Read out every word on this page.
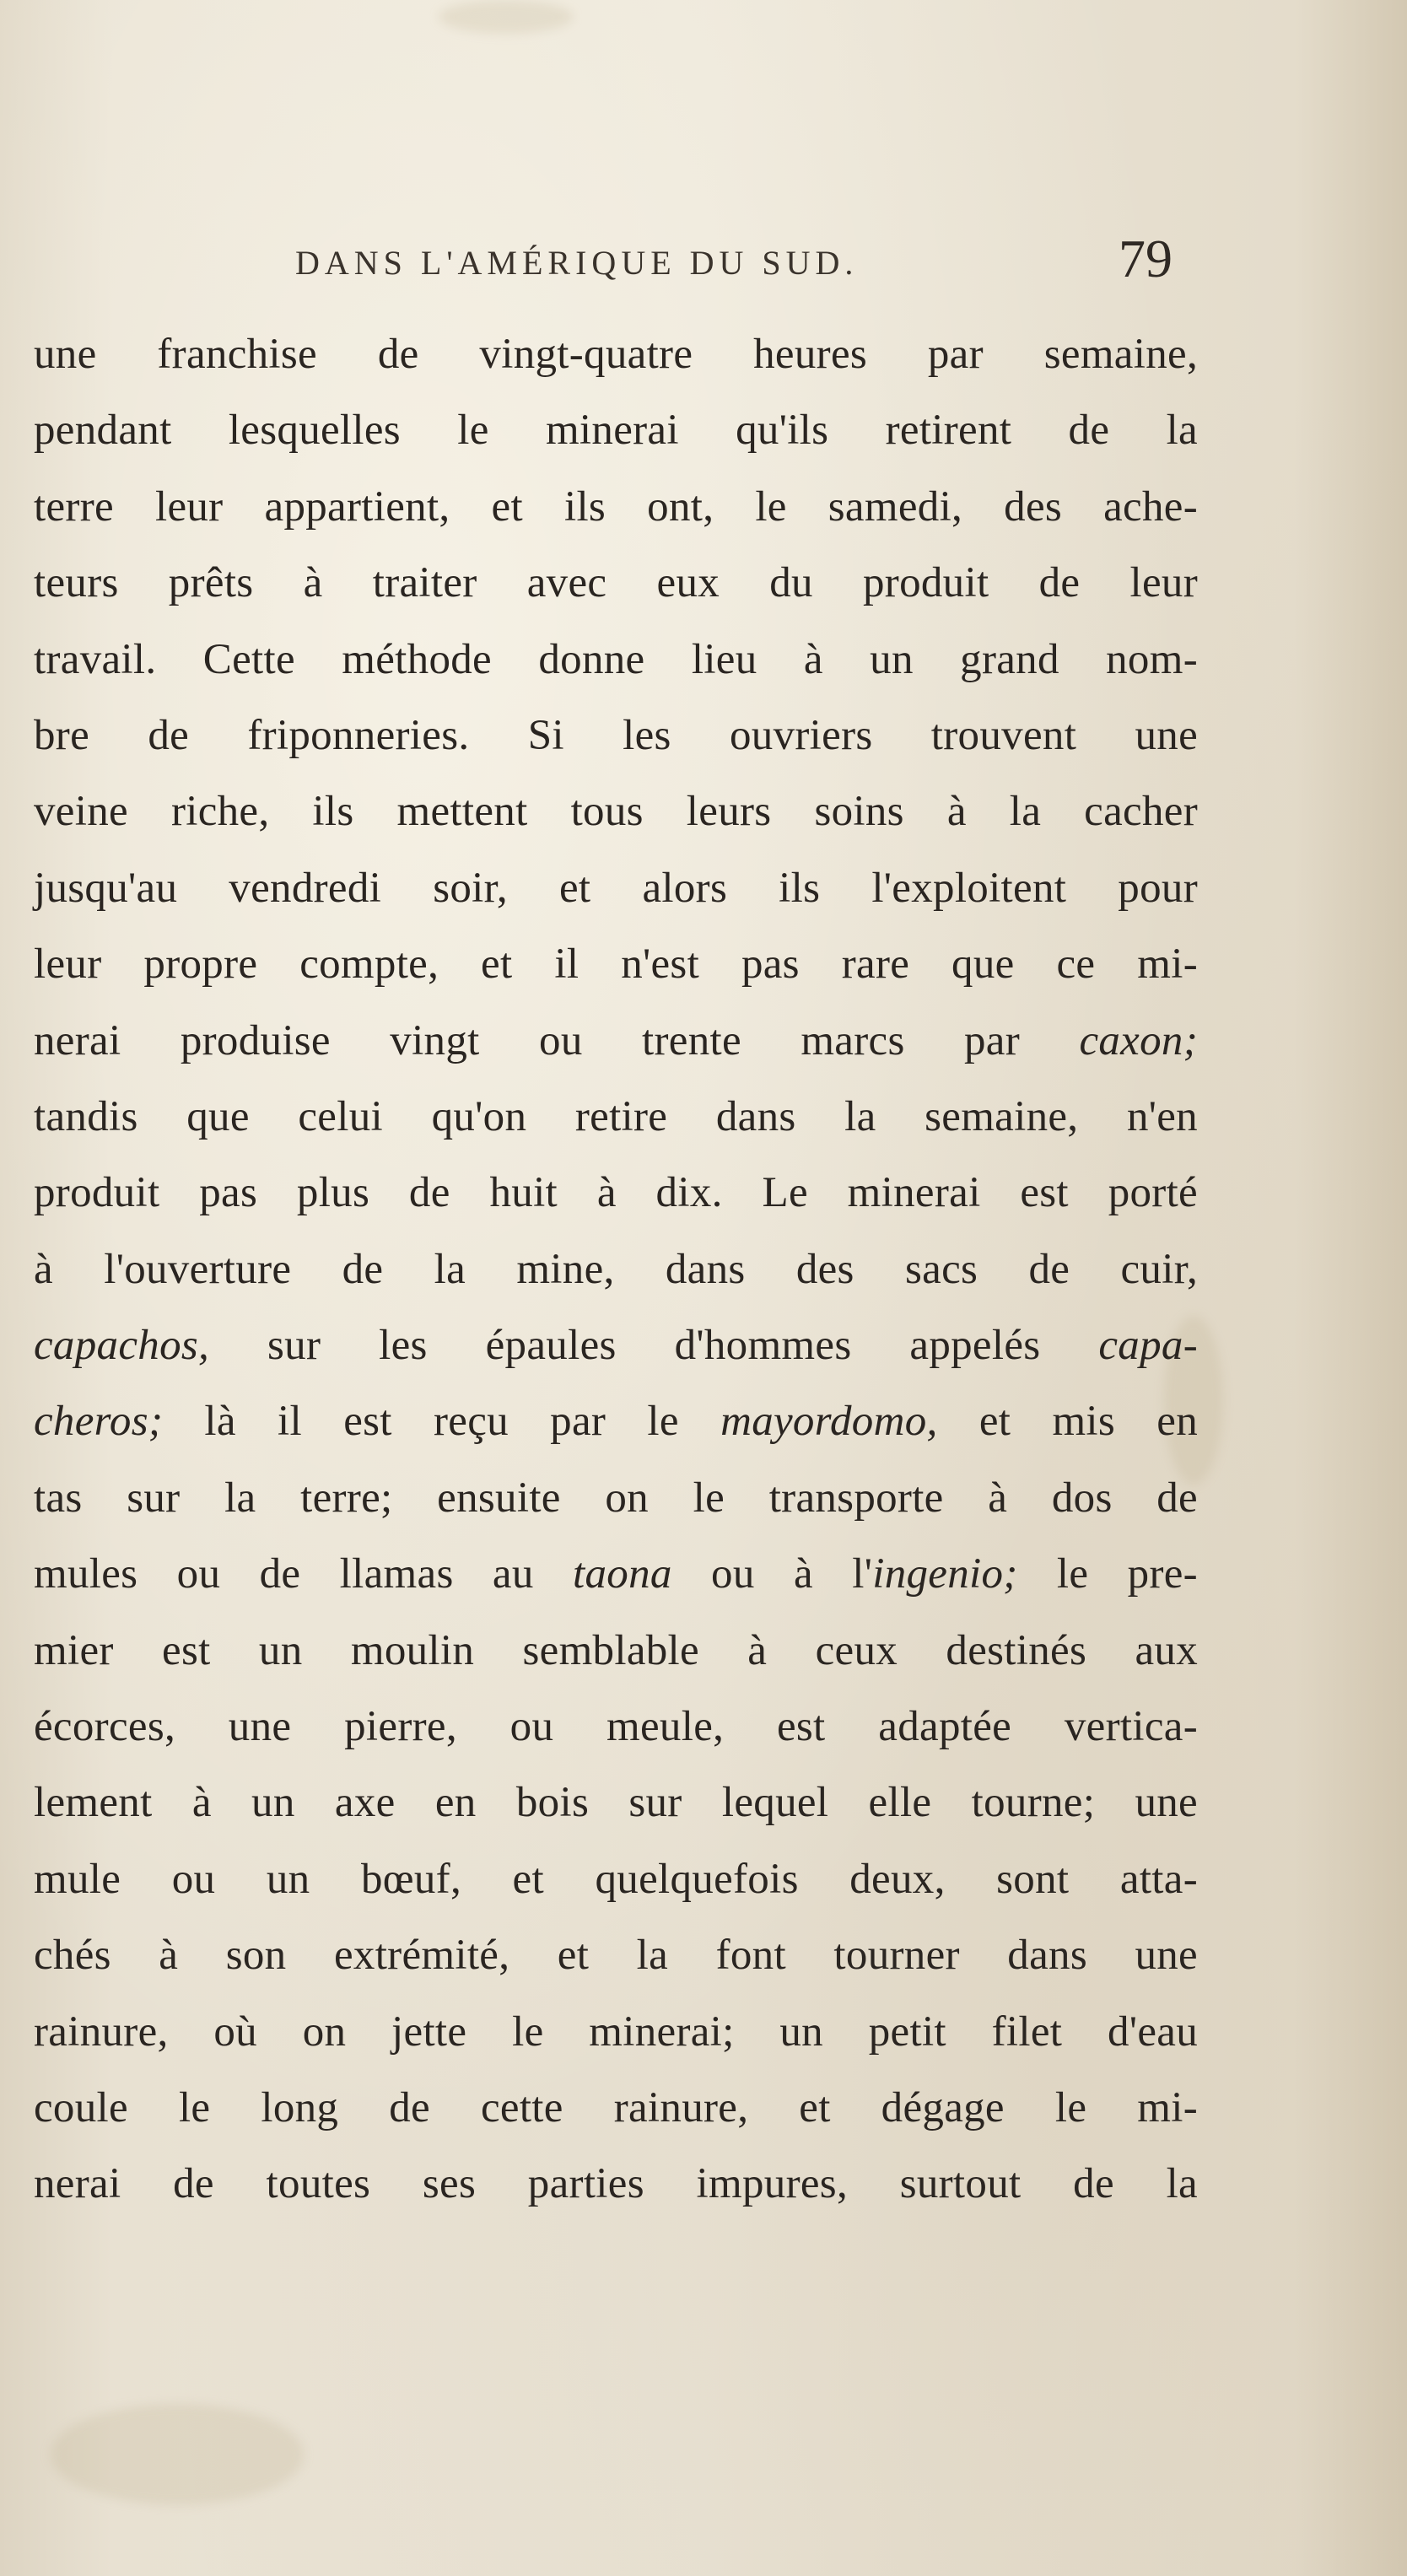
DANS L'AMÉRIQUE DU SUD.	79
une franchise de vingt-quatre heures par semaine,
pendant lesquelles le minerai qu'ils retirent de la
terre leur appartient, et ils ont, le samedi, des ache-
teurs prêts à traiter avec eux du produit de leur
travail. Cette méthode donne lieu à un grand nom-
bre de friponneries. Si les ouvriers trouvent une
veine riche, ils mettent tous leurs soins à la cacher
jusqu'au vendredi soir, et alors ils l'exploitent pour
leur propre compte, et il n'est pas rare que ce mi-
nerai produise vingt ou trente marcs par caxon;
tandis que celui qu'on retire dans la semaine, n'en
produit pas plus de huit à dix. Le minerai est porté
à l'ouverture de la mine, dans des sacs de cuir,
capachos, sur les épaules d'hommes appelés capa-
cheros; là il est reçu par le mayordomo, et mis en
tas sur la terre; ensuite on le transporte à dos de
mules ou de llamas au taona ou à l'ingenio; le pre-
mier est un moulin semblable à ceux destinés aux
écorces, une pierre, ou meule, est adaptée vertica-
lement à un axe en bois sur lequel elle tourne; une
mule ou un bœuf, et quelquefois deux, sont atta-
chés à son extrémité, et la font tourner dans une
rainure, où on jette le minerai; un petit filet d'eau
coule le long de cette rainure, et dégage le mi-
nerai de toutes ses parties impures, surtout de la
